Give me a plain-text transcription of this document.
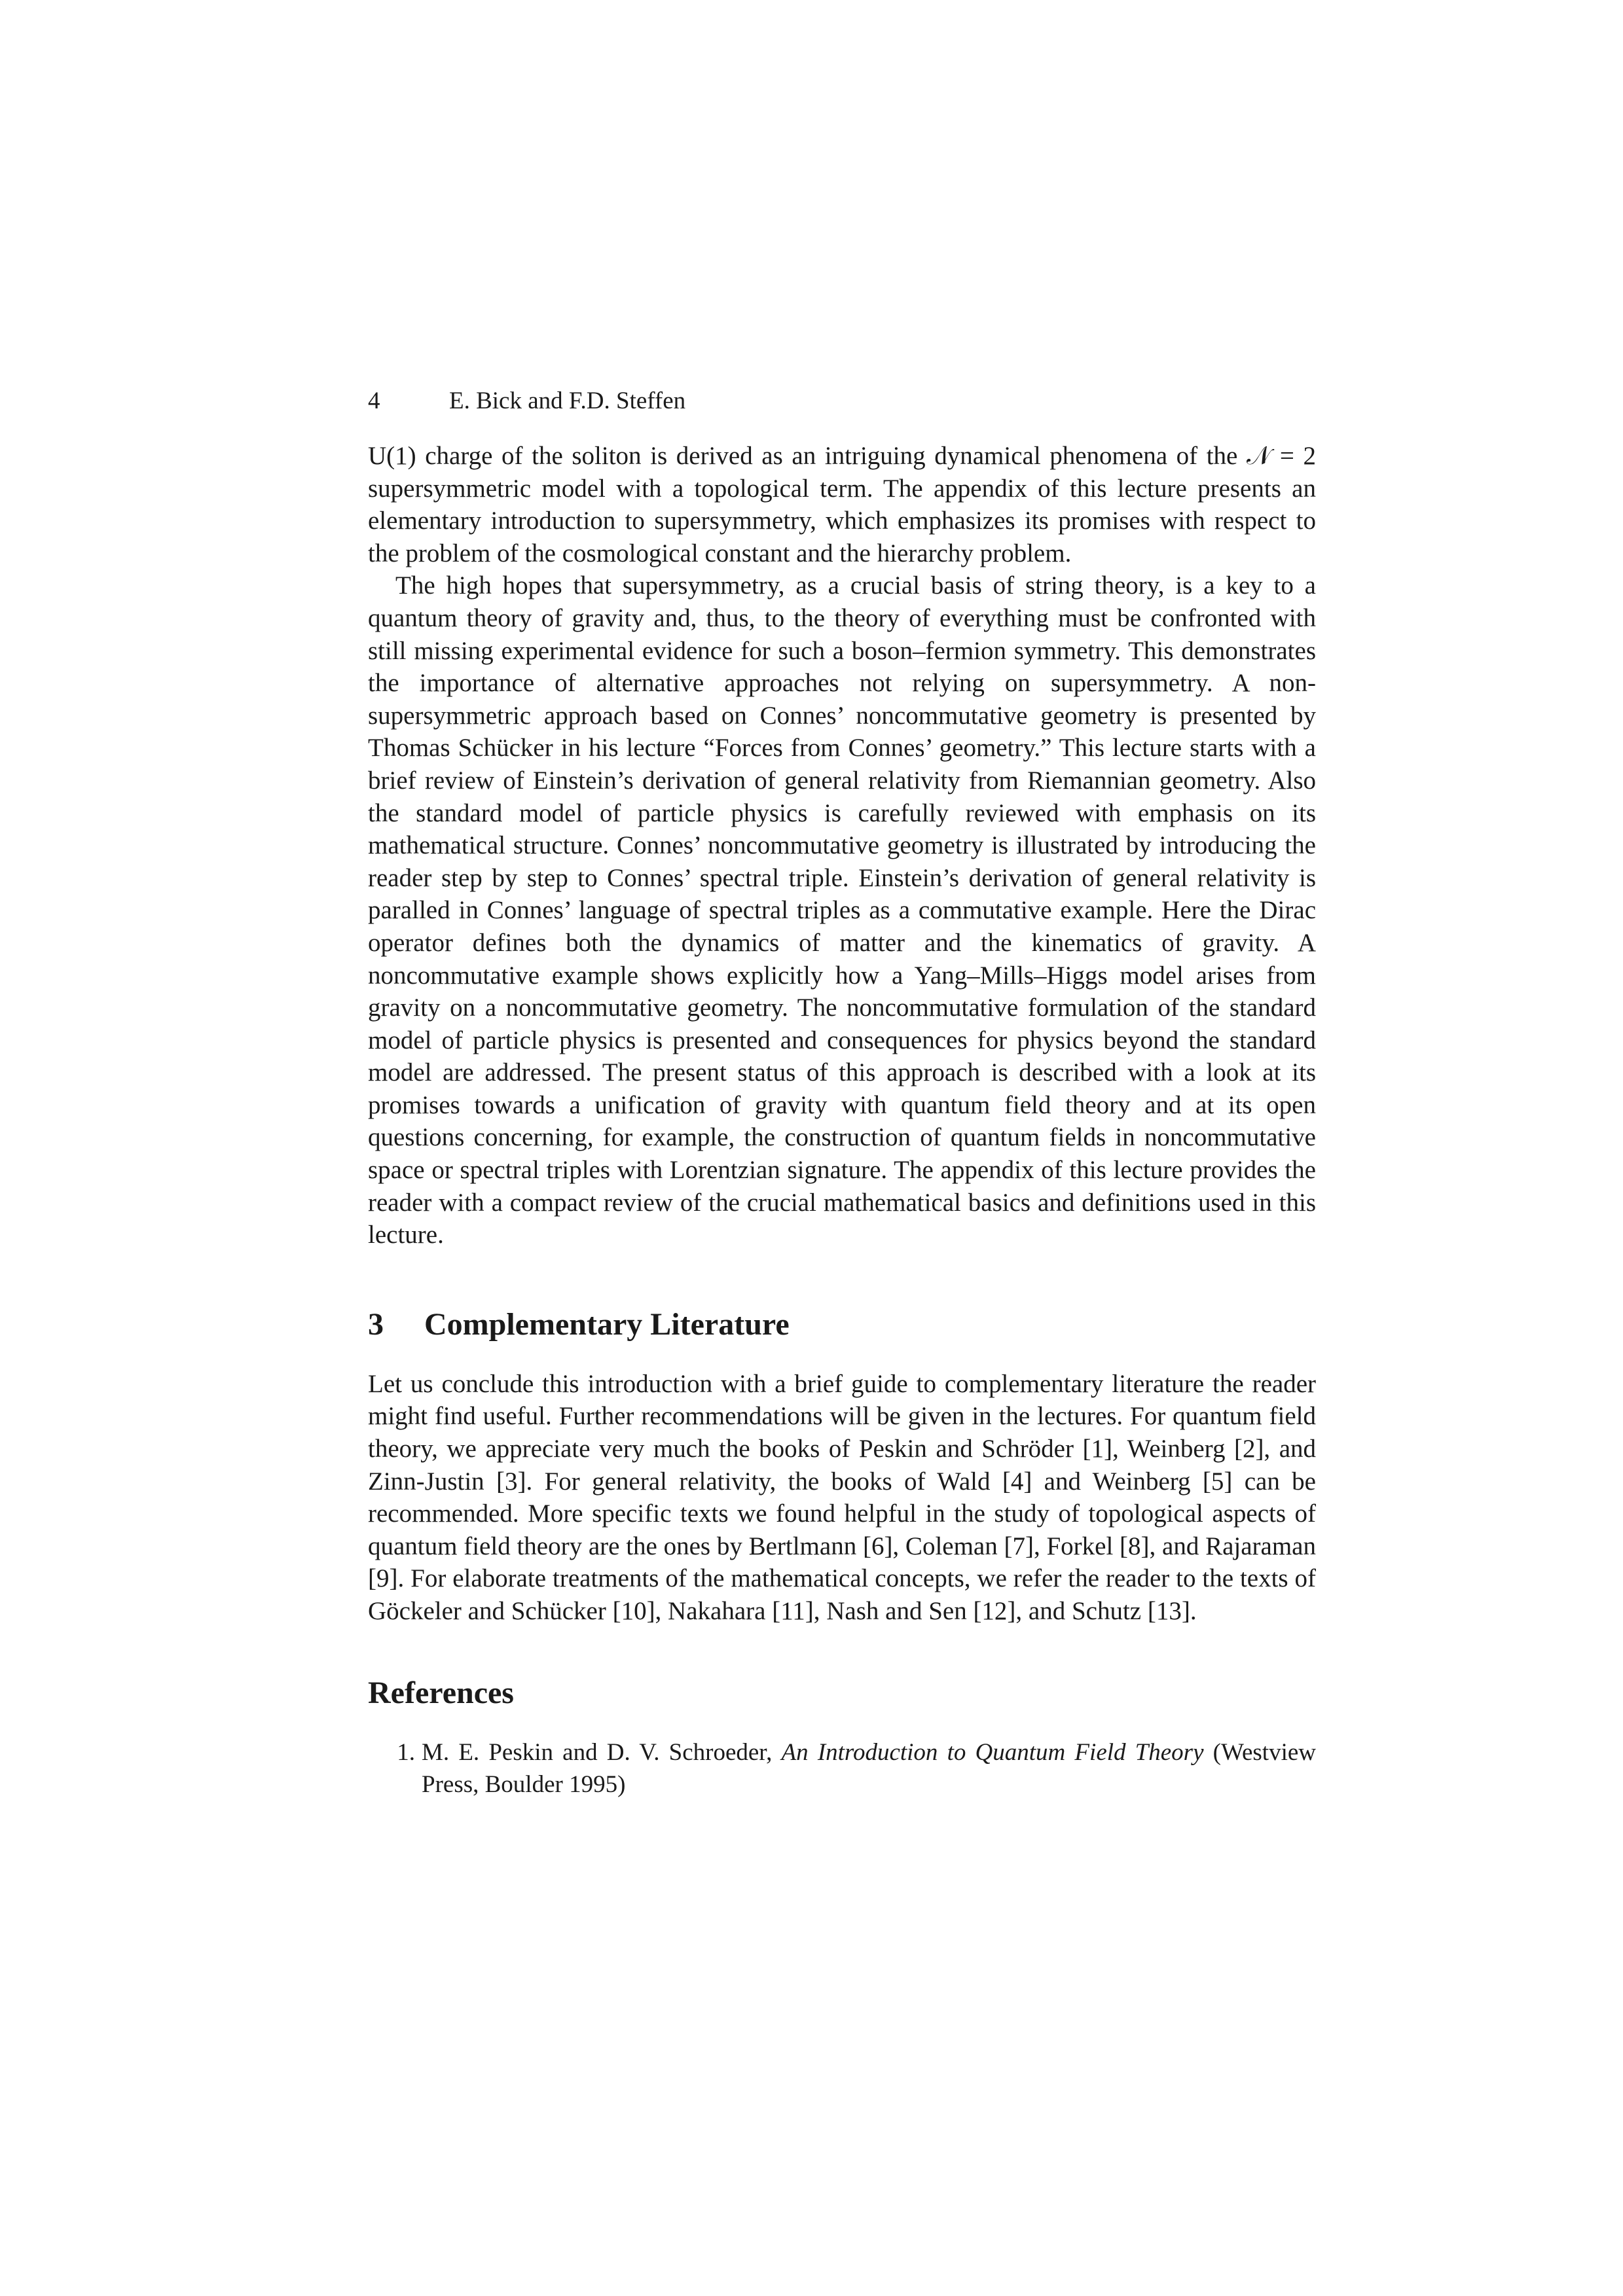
4	E. Bick and F.D. Steffen

U(1) charge of the soliton is derived as an intriguing dynamical phenomena of the 𝒩 = 2 supersymmetric model with a topological term. The appendix of this lecture presents an elementary introduction to supersymmetry, which emphasizes its promises with respect to the problem of the cosmological constant and the hierarchy problem.

The high hopes that supersymmetry, as a crucial basis of string theory, is a key to a quantum theory of gravity and, thus, to the theory of everything must be confronted with still missing experimental evidence for such a boson–fermion symmetry. This demonstrates the importance of alternative approaches not relying on supersymmetry. A non-supersymmetric approach based on Connes’ noncommutative geometry is presented by Thomas Schücker in his lecture “Forces from Connes’ geometry.” This lecture starts with a brief review of Einstein’s derivation of general relativity from Riemannian geometry. Also the standard model of particle physics is carefully reviewed with emphasis on its mathematical structure. Connes’ noncommutative geometry is illustrated by introducing the reader step by step to Connes’ spectral triple. Einstein’s derivation of general relativity is paralled in Connes’ language of spectral triples as a commutative example. Here the Dirac operator defines both the dynamics of matter and the kinematics of gravity. A noncommutative example shows explicitly how a Yang–Mills–Higgs model arises from gravity on a noncommutative geometry. The noncommutative formulation of the standard model of particle physics is presented and consequences for physics beyond the standard model are addressed. The present status of this approach is described with a look at its promises towards a unification of gravity with quantum field theory and at its open questions concerning, for example, the construction of quantum fields in noncommutative space or spectral triples with Lorentzian signature. The appendix of this lecture provides the reader with a compact review of the crucial mathematical basics and definitions used in this lecture.

3	Complementary Literature

Let us conclude this introduction with a brief guide to complementary literature the reader might find useful. Further recommendations will be given in the lectures. For quantum field theory, we appreciate very much the books of Peskin and Schröder [1], Weinberg [2], and Zinn-Justin [3]. For general relativity, the books of Wald [4] and Weinberg [5] can be recommended. More specific texts we found helpful in the study of topological aspects of quantum field theory are the ones by Bertlmann [6], Coleman [7], Forkel [8], and Rajaraman [9]. For elaborate treatments of the mathematical concepts, we refer the reader to the texts of Göckeler and Schücker [10], Nakahara [11], Nash and Sen [12], and Schutz [13].

References
1. M. E. Peskin and D. V. Schroeder, An Introduction to Quantum Field Theory (Westview Press, Boulder 1995)
